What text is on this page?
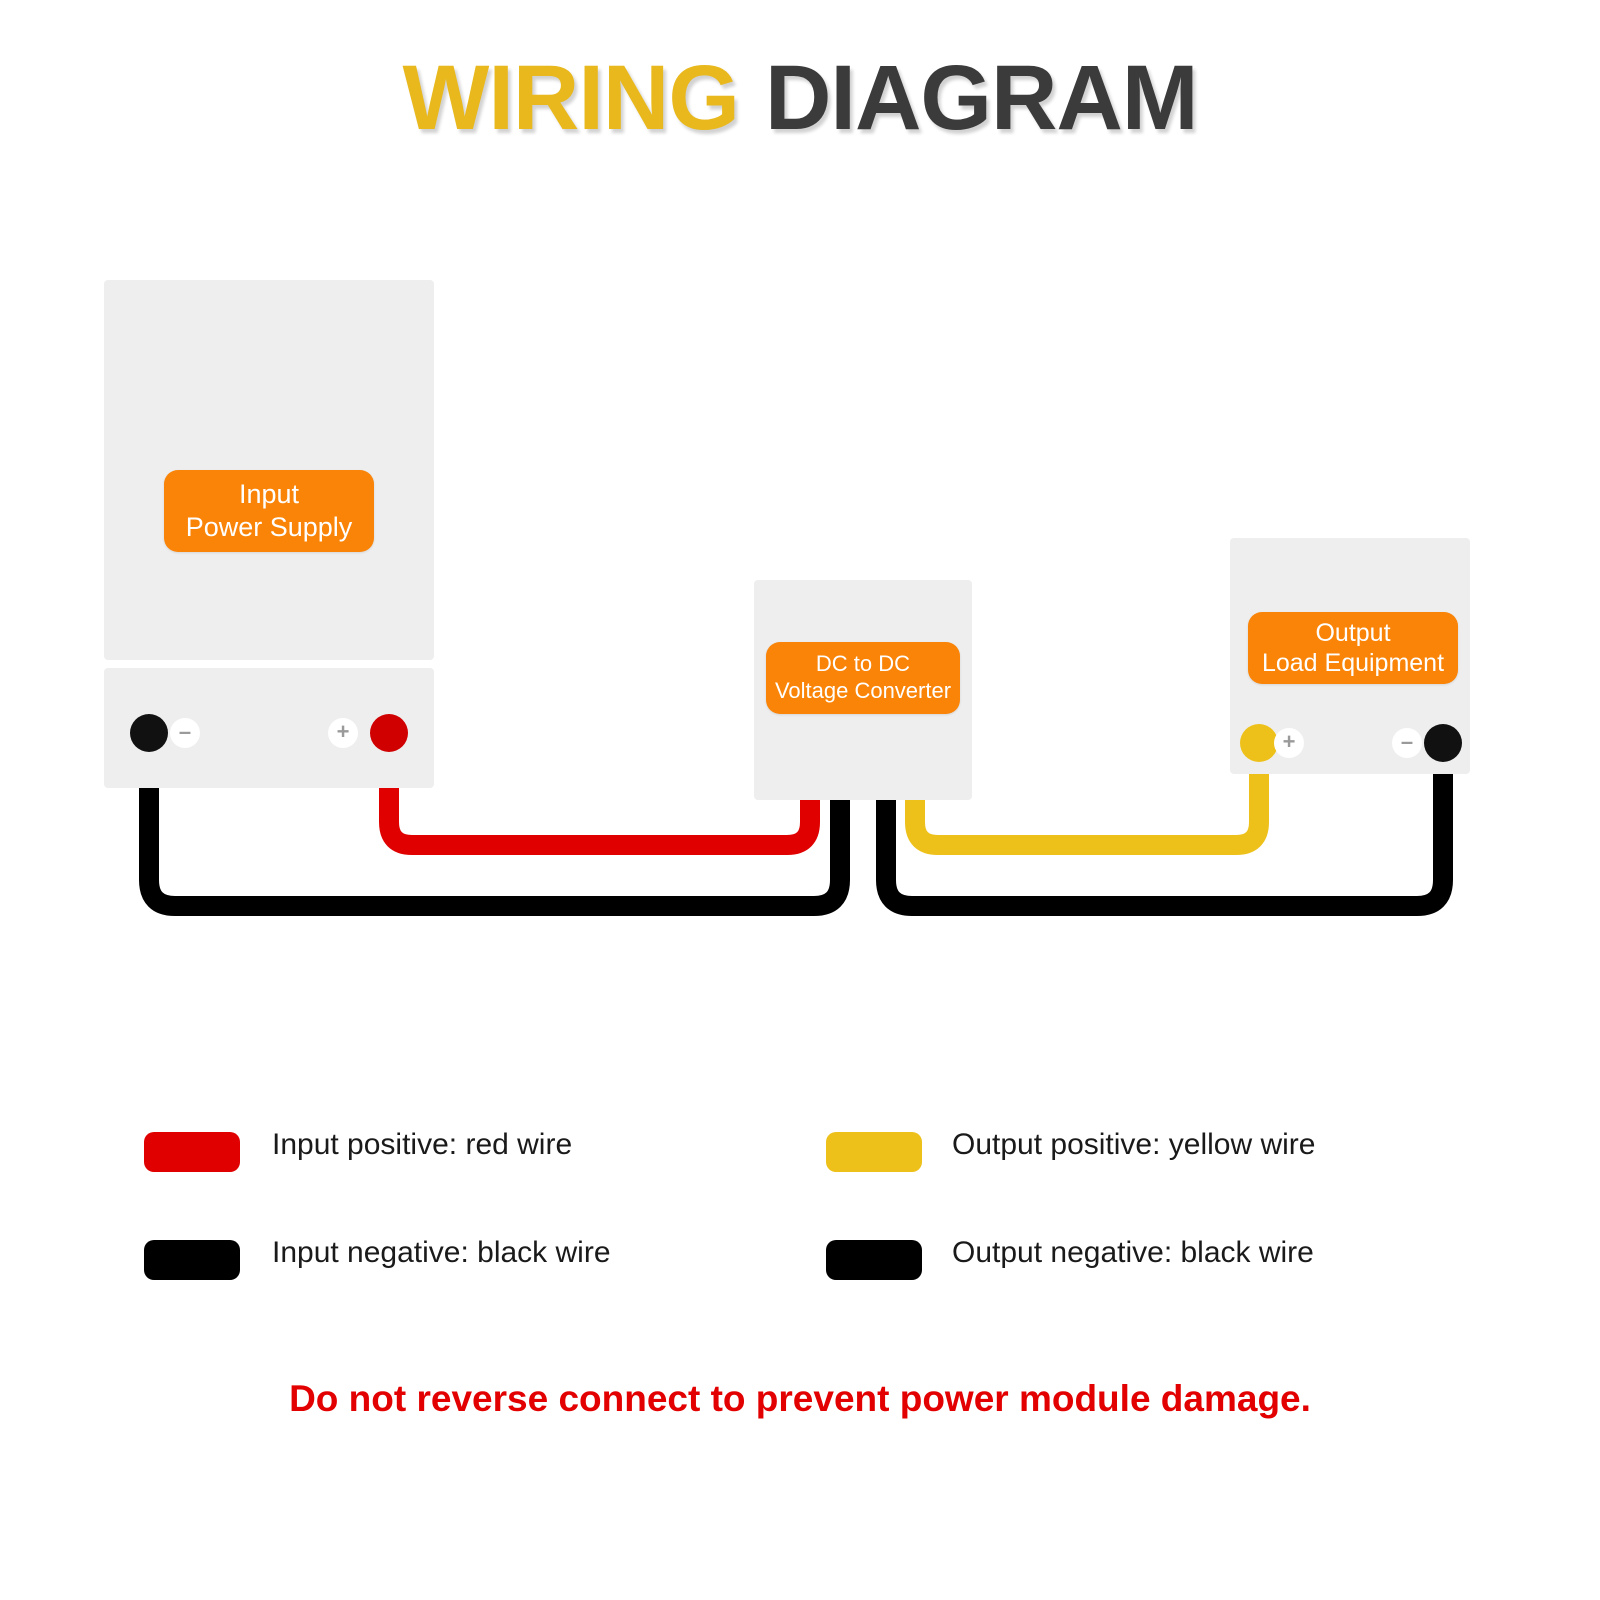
WIRING DIAGRAM
Input
Power Supply
DC to DC
Voltage Converter
Output
Load Equipment
–	+	+	–
Input positive: red wire
Input negative: black wire
Output positive: yellow wire
Output negative: black wire
Do not reverse connect to prevent power module damage.
